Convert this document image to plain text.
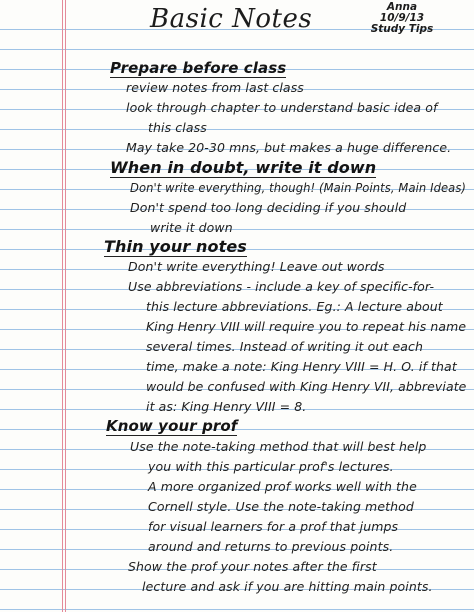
Basic Notes	Anna
10/9/13
Study Tips
Prepare before class
review notes from last class
look through chapter to understand basic idea of
this class
May take 20-30 mns, but makes a huge difference.
When in doubt, write it down
Don't write everything, though! (Main Points, Main Ideas)
Don't spend too long deciding if you should
write it down
Thin your notes
Don't write everything! Leave out words
Use abbreviations - include a key of specific-for-
this lecture abbreviations. Eg.: A lecture about
King Henry VIII will require you to repeat his name
several times. Instead of writing it out each
time, make a note: King Henry VIII = H. O. if that
would be confused with King Henry VII, abbreviate
it as: King Henry VIII = 8.
Know your prof
Use the note-taking method that will best help
you with this particular prof's lectures.
A more organized prof works well with the
Cornell style. Use the note-taking method
for visual learners for a prof that jumps
around and returns to previous points.
Show the prof your notes after the first
lecture and ask if you are hitting main points.
